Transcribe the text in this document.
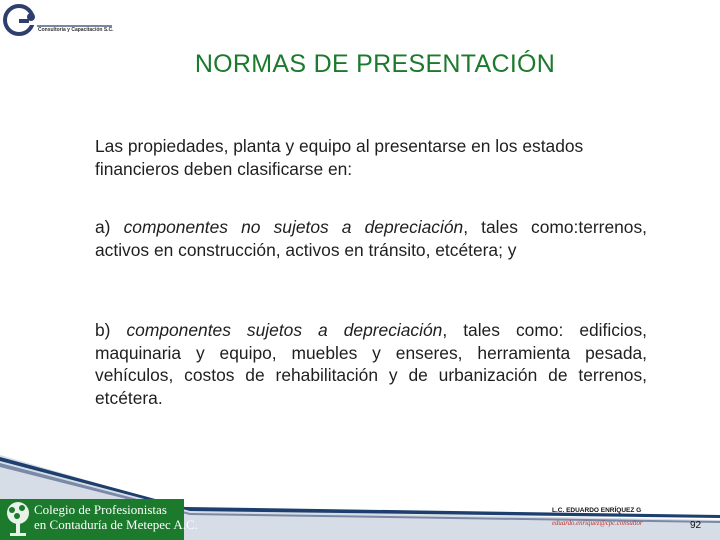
Consultoría y Capacitación S.C.
NORMAS DE PRESENTACIÓN

Las propiedades, planta y equipo al presentarse en los estados financieros deben clasificarse en:

a) componentes no sujetos a depreciación, tales como:terrenos, activos en construcción, activos en tránsito, etcétera; y

b) componentes sujetos a depreciación, tales como: edificios, maquinaria y equipo, muebles y enseres, herramienta pesada, vehículos, costos de rehabilitación y de urbanización de terrenos, etcétera.

Colegio de Profesionistas
en Contaduría de Metepec A.C.
L.C. EDUARDO ENRÍQUEZ G
eduardo.enriquez@cpc.consultor	92
